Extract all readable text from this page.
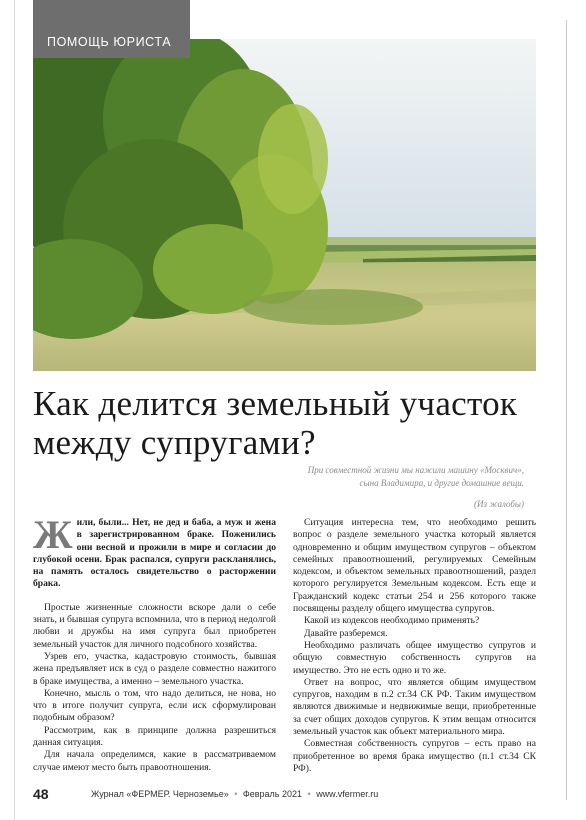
ПОМОЩЬ ЮРИСТА
Как делится земельный участок
между супругами?
При совместной жизни мы нажили машину «Москвич»,
сына Владимира, и другие домашние вещи.
(Из жалобы)

Жили, были... Нет, не дед и баба, а муж и жена в зарегистрированном браке. Поженились они весной и прожили в мире и согласии до глубокой осени. Брак распался, супруги раскланялись, на память осталось свидетельство о расторжении брака.

Простые жизненные сложности вскоре дали о себе знать, и бывшая супруга вспомнила, что в период недолгой любви и дружбы на имя супруга был приобретен земельный участок для личного подсобного хозяйства.

Узрев его, участка, кадастровую стоимость, бывшая жена предъявляет иск в суд о разделе совместно нажитого в браке имущества, а именно – земельного участка.

Конечно, мысль о том, что надо делиться, не нова, но что в итоге получит супруга, если иск сформулирован подобным образом?

Рассмотрим, как в принципе должна разрешиться данная ситуация.

Для начала определимся, какие в рассматриваемом случае имеют место быть правоотношения.

Ситуация интересна тем, что необходимо решить вопрос о разделе земельного участка который является одновременно и общим имуществом супругов – объектом семейных правоотношений, регулируемых Семейным кодексом, и объектом земельных правоотношений, раздел которого регулируется Земельным кодексом. Есть еще и Гражданский кодекс статьи 254 и 256 которого также посвящены разделу общего имущества супругов.

Какой из кодексов необходимо применять?

Давайте разберемся.

Необходимо различать общее имущество супругов и общую совместную собственность супругов на имущество. Это не есть одно и то же.

Ответ на вопрос, что является общим имуществом супругов, находим в п.2 ст.34 СК РФ. Таким имуществом являются движимые и недвижимые вещи, приобретенные за счет общих доходов супругов. К этим вещам относится земельный участок как объект материального мира.

Совместная собственность супругов – есть право на приобретенное во время брака имущество (п.1 ст.34 СК РФ).

48	Журнал «ФЕРМЕР. Черноземье» • Февраль 2021 • www.vfermer.ru
